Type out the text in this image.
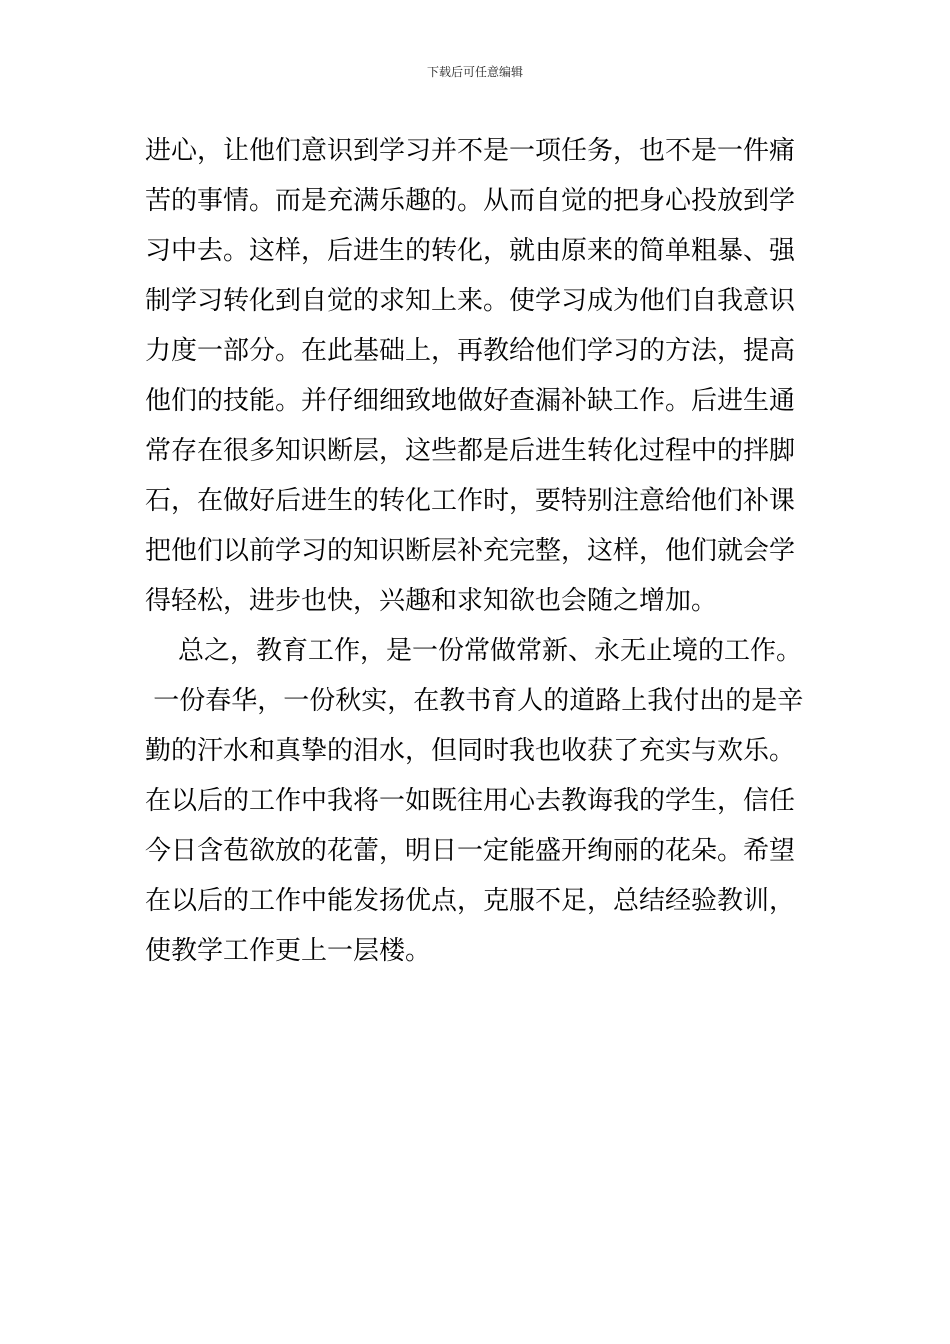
下载后可任意编辑
进心，让他们意识到学习并不是一项任务，也不是一件痛
苦的事情。而是充满乐趣的。从而自觉的把身心投放到学
习中去。这样，后进生的转化，就由原来的简单粗暴、强
制学习转化到自觉的求知上来。使学习成为他们自我意识
力度一部分。在此基础上，再教给他们学习的方法，提高
他们的技能。并仔细细致地做好查漏补缺工作。后进生通
常存在很多知识断层，这些都是后进生转化过程中的拌脚
石，在做好后进生的转化工作时，要特别注意给他们补课
把他们以前学习的知识断层补充完整，这样，他们就会学
得轻松，进步也快，兴趣和求知欲也会随之增加。
总之，教育工作，是一份常做常新、永无止境的工作。
一份春华，一份秋实，在教书育人的道路上我付出的是辛
勤的汗水和真挚的泪水，但同时我也收获了充实与欢乐。
在以后的工作中我将一如既往用心去教诲我的学生，信任
今日含苞欲放的花蕾，明日一定能盛开绚丽的花朵。希望
在以后的工作中能发扬优点，克服不足，总结经验教训，
使教学工作更上一层楼。
